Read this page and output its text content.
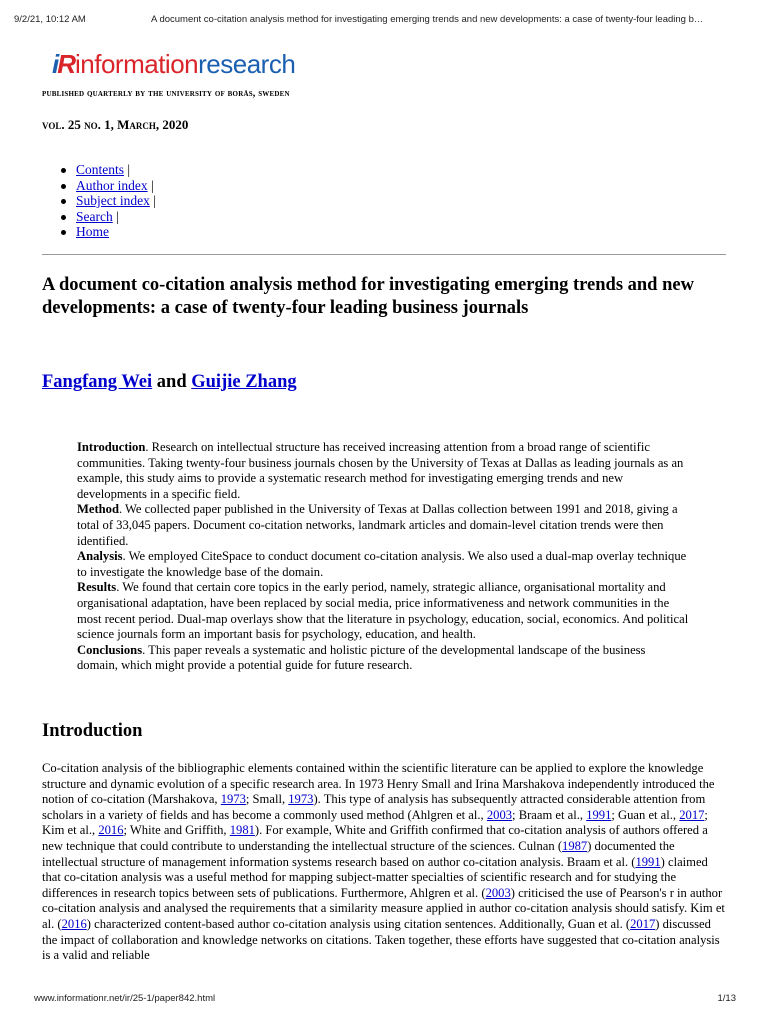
9/2/21, 10:12 AM	A document co-citation analysis method for investigating emerging trends and new developments: a case of twenty-four leading b…
iR information research
published quarterly by the university of borås, sweden
vol. 25 no. 1, March, 2020
Contents |
Author index |
Subject index |
Search |
Home
A document co-citation analysis method for investigating emerging trends and new developments: a case of twenty-four leading business journals
Fangfang Wei and Guijie Zhang

Introduction. Research on intellectual structure has received increasing attention from a broad range of scientific communities. Taking twenty-four business journals chosen by the University of Texas at Dallas as leading journals as an example, this study aims to provide a systematic research method for investigating emerging trends and new developments in a specific field.

Method. We collected paper published in the University of Texas at Dallas collection between 1991 and 2018, giving a total of 33,045 papers. Document co-citation networks, landmark articles and domain-level citation trends were then identified.

Analysis. We employed CiteSpace to conduct document co-citation analysis. We also used a dual-map overlay technique to investigate the knowledge base of the domain.

Results. We found that certain core topics in the early period, namely, strategic alliance, organisational mortality and organisational adaptation, have been replaced by social media, price informativeness and network communities in the most recent period. Dual-map overlays show that the literature in psychology, education, social, economics. And political science journals form an important basis for psychology, education, and health.

Conclusions. This paper reveals a systematic and holistic picture of the developmental landscape of the business domain, which might provide a potential guide for future research.

Introduction

Co-citation analysis of the bibliographic elements contained within the scientific literature can be applied to explore the knowledge structure and dynamic evolution of a specific research area. In 1973 Henry Small and Irina Marshakova independently introduced the notion of co-citation (Marshakova, 1973; Small, 1973). This type of analysis has subsequently attracted considerable attention from scholars in a variety of fields and has become a commonly used method (Ahlgren et al., 2003; Braam et al., 1991; Guan et al., 2017; Kim et al., 2016; White and Griffith, 1981). For example, White and Griffith confirmed that co-citation analysis of authors offered a new technique that could contribute to understanding the intellectual structure of the sciences. Culnan (1987) documented the intellectual structure of management information systems research based on author co-citation analysis. Braam et al. (1991) claimed that co-citation analysis was a useful method for mapping subject-matter specialties of scientific research and for studying the differences in research topics between sets of publications. Furthermore, Ahlgren et al. (2003) criticised the use of Pearson's r in author co-citation analysis and analysed the requirements that a similarity measure applied in author co-citation analysis should satisfy. Kim et al. (2016) characterized content-based author co-citation analysis using citation sentences. Additionally, Guan et al. (2017) discussed the impact of collaboration and knowledge networks on citations. Taken together, these efforts have suggested that co-citation analysis is a valid and reliable

www.informationr.net/ir/25-1/paper842.html	1/13
